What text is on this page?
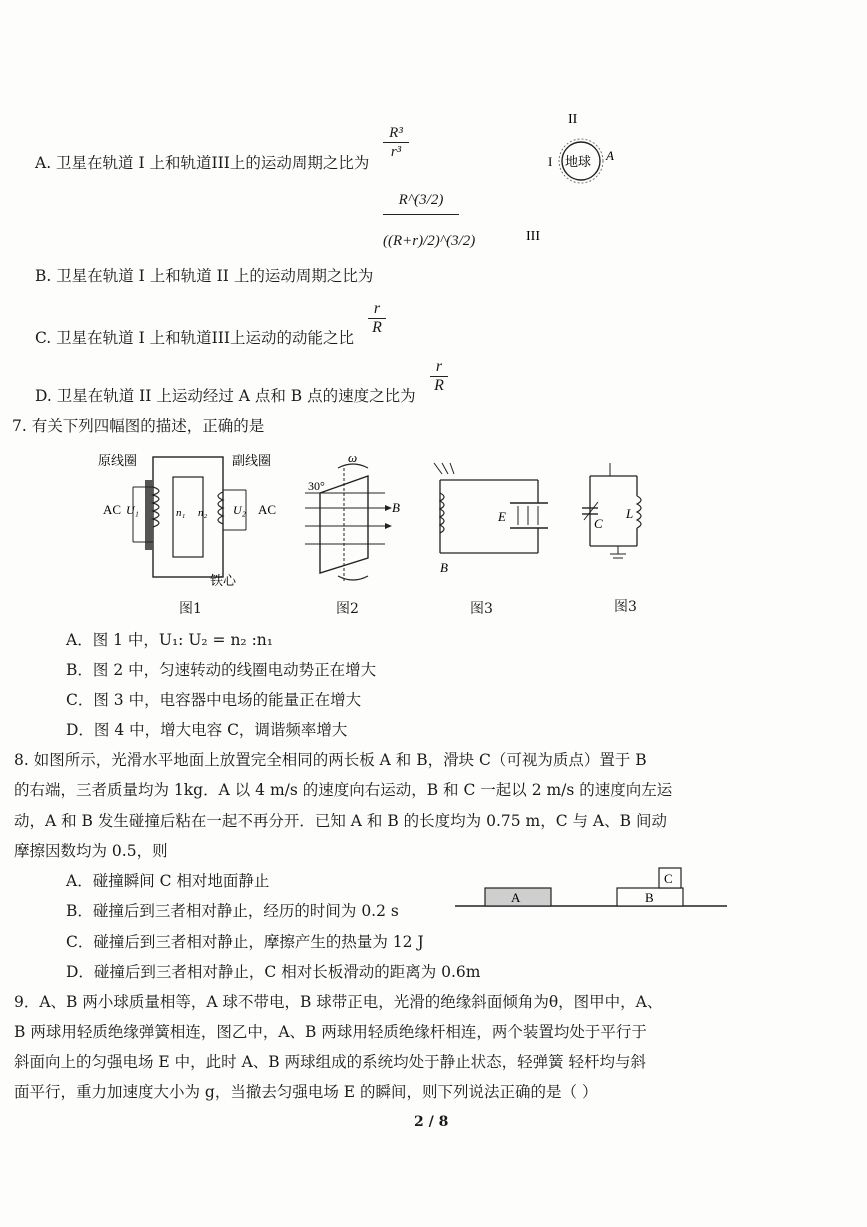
A. 卫星在轨道 I 上和轨道III上的运动周期之比为
$\frac{\text{R³}}{\text{r³}}$
B. 卫星在轨道 I 上和轨道 II 上的运动周期之比为
$\frac{R\^{}(3/2)}{((R+r)/2)\^{}(3/2)}$
C. 卫星在轨道 I 上和轨道III上运动的动能之比
$\frac{r}{R}$
D. 卫星在轨道 II 上运动经过 A 点和 B 点的速度之比为
$\frac{r}{R}$
II
I 地球 A
III
7. 有关下列四幅图的描述，正确的是
原线圈	副线圈
AC U₁	n₁ n₂ U₂ AC
铁心
ω
30°
B
E
B
C
L
图1	图2	图3	图3
A．图 1 中，U₁: U₂ = n₂ :n₁
B．图 2 中，匀速转动的线圈电动势正在增大
C．图 3 中，电容器中电场的能量正在增大
D．图 4 中，增大电容 C，调谐频率增大
8. 如图所示，光滑水平地面上放置完全相同的两长板 A 和 B，滑块 C（可视为质点）置于 B
的右端，三者质量均为 1kg．A 以 4 m/s 的速度向右运动，B 和 C 一起以 2 m/s 的速度向左运
动，A 和 B 发生碰撞后粘在一起不再分开．已知 A 和 B 的长度均为 0.75 m，C 与 A、B 间动
摩擦因数均为 0.5，则
A．碰撞瞬间 C 相对地面静止
B．碰撞后到三者相对静止，经历的时间为 0.2 s
C．碰撞后到三者相对静止，摩擦产生的热量为 12 J
D．碰撞后到三者相对静止，C 相对长板滑动的距离为 0.6m
A	B
C
9．A、B 两小球质量相等，A 球不带电，B 球带正电，光滑的绝缘斜面倾角为θ，图甲中，A、
B 两球用轻质绝缘弹簧相连，图乙中，A、B 两球用轻质绝缘杆相连，两个装置均处于平行于
斜面向上的匀强电场 E 中，此时 A、B 两球组成的系统均处于静止状态，轻弹簧 轻杆均与斜
面平行，重力加速度大小为 g，当撤去匀强电场 E 的瞬间，则下列说法正确的是（ ）
2 / 8
